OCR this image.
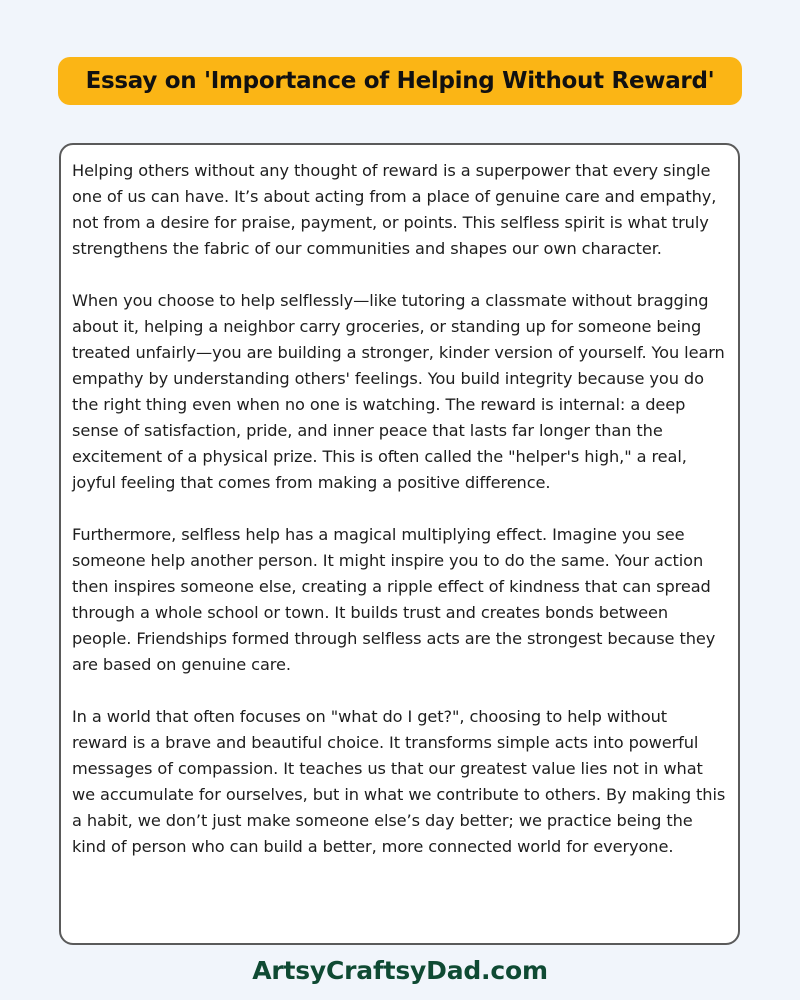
Essay on 'Importance of Helping Without Reward'

Helping others without any thought of reward is a superpower that every single one of us can have. It’s about acting from a place of genuine care and empathy, not from a desire for praise, payment, or points. This selfless spirit is what truly strengthens the fabric of our communities and shapes our own character.

When you choose to help selflessly—like tutoring a classmate without bragging about it, helping a neighbor carry groceries, or standing up for someone being treated unfairly—you are building a stronger, kinder version of yourself. You learn empathy by understanding others' feelings. You build integrity because you do the right thing even when no one is watching. The reward is internal: a deep sense of satisfaction, pride, and inner peace that lasts far longer than the excitement of a physical prize. This is often called the "helper's high," a real, joyful feeling that comes from making a positive difference.

Furthermore, selfless help has a magical multiplying effect. Imagine you see someone help another person. It might inspire you to do the same. Your action then inspires someone else, creating a ripple effect of kindness that can spread through a whole school or town. It builds trust and creates bonds between people. Friendships formed through selfless acts are the strongest because they are based on genuine care.

In a world that often focuses on "what do I get?", choosing to help without reward is a brave and beautiful choice. It transforms simple acts into powerful messages of compassion. It teaches us that our greatest value lies not in what we accumulate for ourselves, but in what we contribute to others. By making this a habit, we don’t just make someone else’s day better; we practice being the kind of person who can build a better, more connected world for everyone.

ArtsyCraftsyDad.com
